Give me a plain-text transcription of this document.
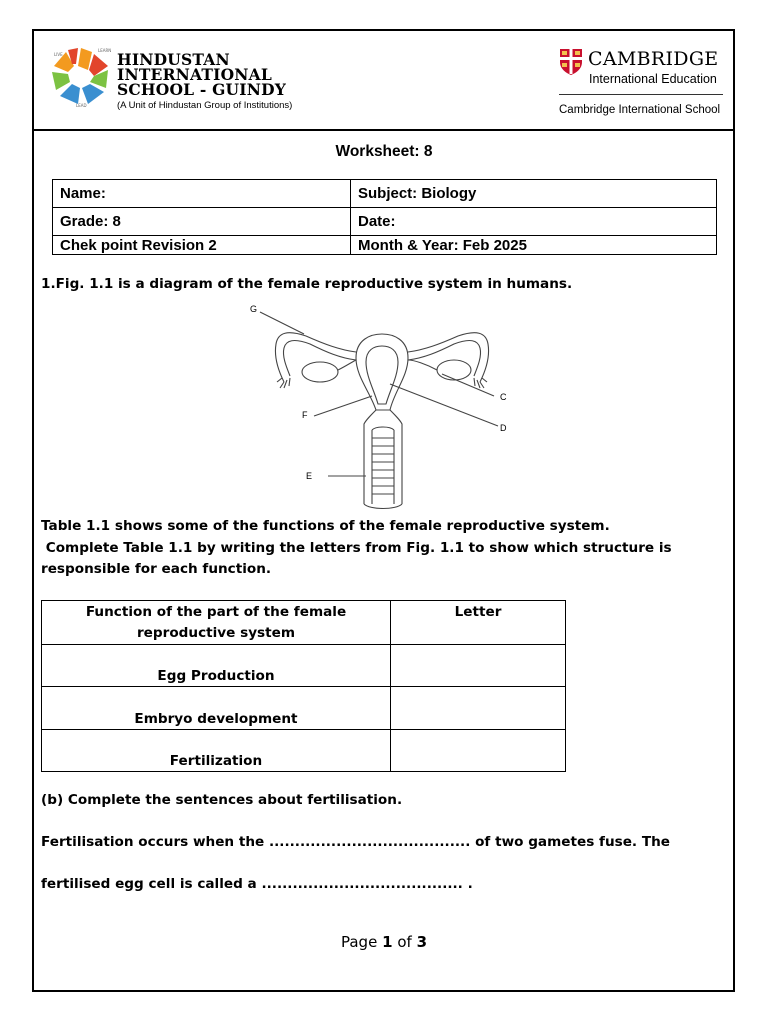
LIVE
LEARN
LEAD
HINDUSTAN
INTERNATIONAL
SCHOOL - GUINDY
(A Unit of Hindustan Group of Institutions)
CAMBRIDGE
International Education
Cambridge International School
Worksheet: 8
Name:	Subject: Biology
Grade: 8	Date:
Chek point Revision 2	Month & Year: Feb 2025
1.Fig. 1.1 is a diagram of the female reproductive system in humans.
G
F
E
C
D
Table 1.1 shows some of the functions of the female reproductive system.
Complete Table 1.1 by writing the letters from Fig. 1.1 to show which structure is
responsible for each function.
Function of the part of the female
reproductive system	Letter
Egg Production	
Embryo development	
Fertilization	
(b) Complete the sentences about fertilisation.
Fertilisation occurs when the ....................................... of two gametes fuse. The
fertilised egg cell is called a ....................................... .
Page 1 of 3
